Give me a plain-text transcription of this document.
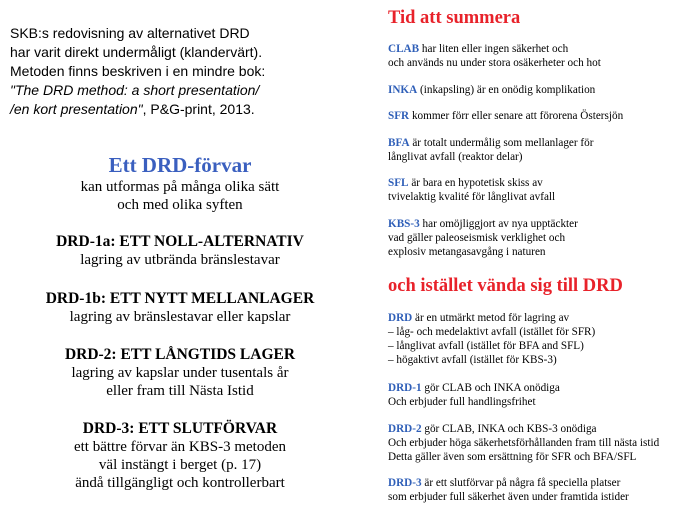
SKB:s redovisning av alternativet DRD
har varit direkt undermåligt (klandervärt).
Metoden finns beskriven i en mindre bok:
"The DRD method: a short presentation/
/en kort presentation", P&G-print, 2013.
Ett DRD-förvar
kan utformas på många olika sätt
och med olika syften
DRD-1a: ETT NOLL-ALTERNATIV
lagring av utbrända bränslestavar
DRD-1b: ETT NYTT MELLANLAGER
lagring av bränslestavar eller kapslar
DRD-2: ETT LÅNGTIDS LAGER
lagring av kapslar under tusentals år
eller fram till Nästa Istid
DRD-3: ETT SLUTFÖRVAR
ett bättre förvar än KBS-3 metoden
väl instängt i berget (p. 17)
ändå tillgängligt och kontrollerbart
Tid att summera
CLAB har liten eller ingen säkerhet och
och används nu under stora osäkerheter och hot
INKA (inkapsling) är en onödig komplikation
SFR kommer förr eller senare att förorena Östersjön
BFA är totalt undermålig som mellanlager för
långlivat avfall (reaktor delar)
SFL är bara en hypotetisk skiss av
tvivelaktig kvalité för långlivat avfall
KBS-3 har omöjliggjort av nya upptäckter
vad gäller paleoseismisk verklighet och
explosiv metangasavgång i naturen
och istället vända sig till DRD
DRD är en utmärkt metod för lagring av
– låg- och medelaktivt avfall (istället för SFR)
– långlivat avfall (istället för BFA and SFL)
– högaktivt avfall (istället för KBS-3)
DRD-1 gör CLAB och INKA onödiga
Och erbjuder full handlingsfrihet
DRD-2 gör CLAB, INKA och KBS-3 onödiga
Och erbjuder höga säkerhetsförhållanden fram till nästa istid
Detta gäller även som ersättning för SFR och BFA/SFL
DRD-3 är ett slutförvar på några få speciella platser
som erbjuder full säkerhet även under framtida istider
